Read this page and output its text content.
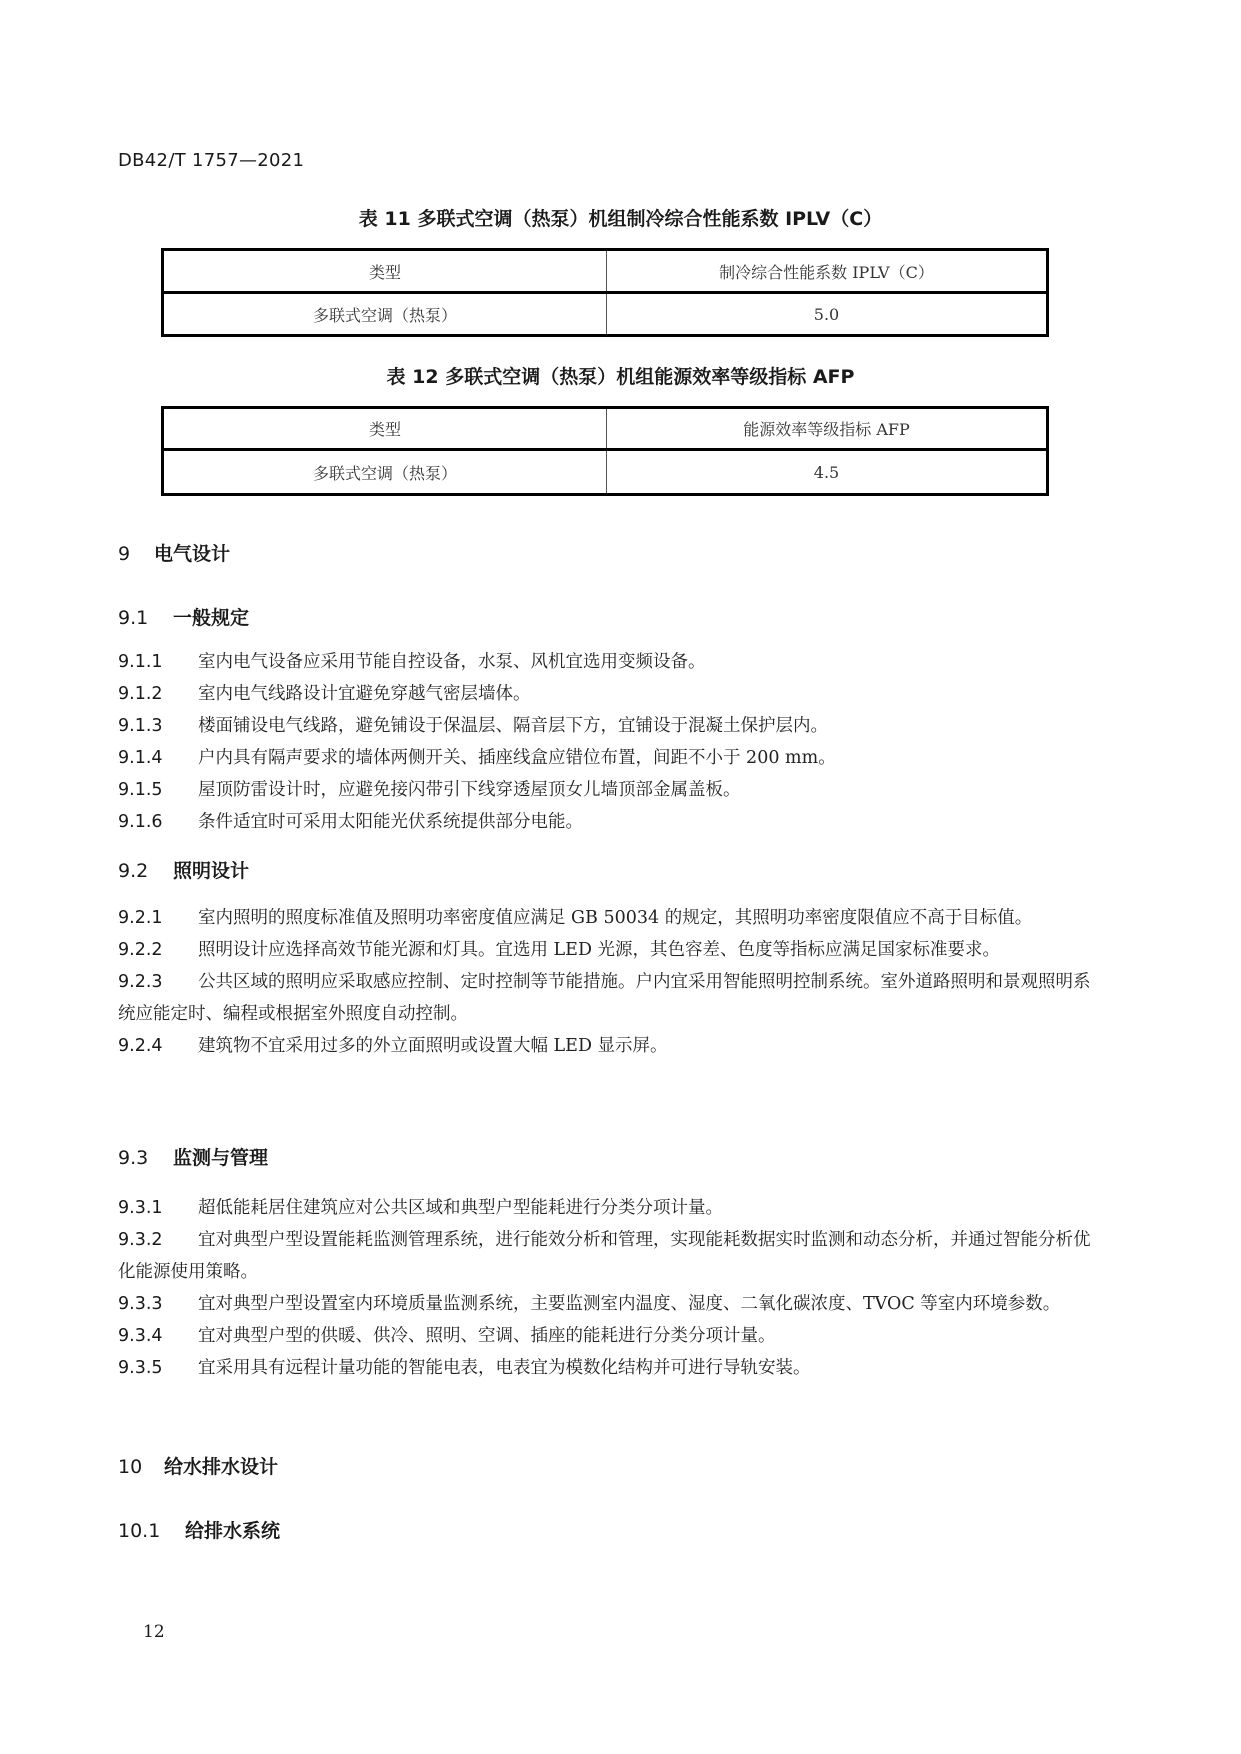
DB42/T 1757—2021
表 11 多联式空调（热泵）机组制冷综合性能系数 IPLV（C）
类型	制冷综合性能系数 IPLV（C）
多联式空调（热泵）	5.0
表 12 多联式空调（热泵）机组能源效率等级指标 AFP
类型	能源效率等级指标 AFP
多联式空调（热泵）	4.5
9 电气设计
9.1 一般规定
9.1.1 室内电气设备应采用节能自控设备，水泵、风机宜选用变频设备。
9.1.2 室内电气线路设计宜避免穿越气密层墙体。
9.1.3 楼面铺设电气线路，避免铺设于保温层、隔音层下方，宜铺设于混凝土保护层内。
9.1.4 户内具有隔声要求的墙体两侧开关、插座线盒应错位布置，间距不小于 200 mm。
9.1.5 屋顶防雷设计时，应避免接闪带引下线穿透屋顶女儿墙顶部金属盖板。
9.1.6 条件适宜时可采用太阳能光伏系统提供部分电能。
9.2 照明设计
9.2.1 室内照明的照度标准值及照明功率密度值应满足 GB 50034 的规定，其照明功率密度限值应不高于目标值。
9.2.2 照明设计应选择高效节能光源和灯具。宜选用 LED 光源，其色容差、色度等指标应满足国家标准要求。
9.2.3 公共区域的照明应采取感应控制、定时控制等节能措施。户内宜采用智能照明控制系统。室外道路照明和景观照明系统应能定时、编程或根据室外照度自动控制。
9.2.4 建筑物不宜采用过多的外立面照明或设置大幅 LED 显示屏。
9.3 监测与管理
9.3.1 超低能耗居住建筑应对公共区域和典型户型能耗进行分类分项计量。
9.3.2 宜对典型户型设置能耗监测管理系统，进行能效分析和管理，实现能耗数据实时监测和动态分析，并通过智能分析优化能源使用策略。
9.3.3 宜对典型户型设置室内环境质量监测系统，主要监测室内温度、湿度、二氧化碳浓度、TVOC 等室内环境参数。
9.3.4 宜对典型户型的供暖、供冷、照明、空调、插座的能耗进行分类分项计量。
9.3.5 宜采用具有远程计量功能的智能电表，电表宜为模数化结构并可进行导轨安装。
10 给水排水设计
10.1 给排水系统
12
